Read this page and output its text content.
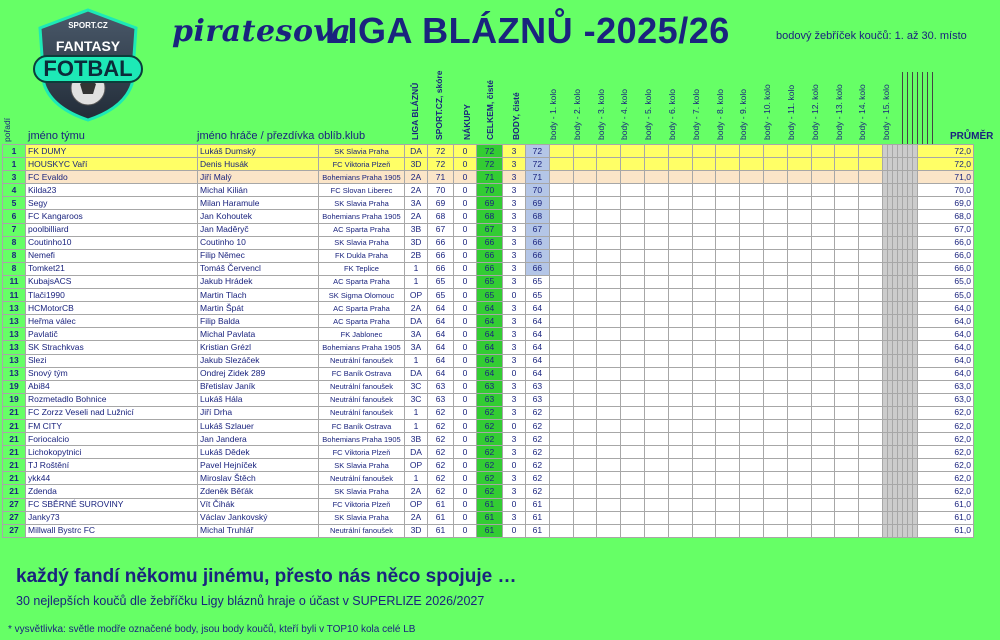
FOTBAL
FANTASY
SPORT.CZ piratesova
LIGA BLÁZNŮ -2025/26	bodový žebříček koučů: 1. až 30. místo
pořadí jméno týmu	jméno hráče / přezdívka oblíb.klub	LIGA BLÁZNŮ SPORT.CZ, skóre NÁKUPY CELKEM, čisté BODY, čisté	body - 1. kolo body - 2. kolo body - 3. kolo body - 4. kolo body - 5. kolo body - 6. kolo body - 7. kolo body - 8. kolo body - 9. kolo body - 10. kolo body - 11. kolo body - 12. kolo body - 13. kolo body - 14. kolo body - 15. kolo	PRŮMĚR
1	FK DUMY	Lukáš Dumský	SK Slavia Praha	DA	72	0	72	3	72																						72,0
1	HOUSKYC Vaří	Denis Husák	FC Viktoria Plzeň	3D	72	0	72	3	72																						72,0
3	FC Evaldo	Jiří Malý	Bohemians Praha 1905	2A	71	0	71	3	71																						71,0
4	Kilda23	Michal Kilián	FC Slovan Liberec	2A	70	0	70	3	70																						70,0
5	Segy	Milan Haramule	SK Slavia Praha	3A	69	0	69	3	69																						69,0
6	FC Kangaroos	Jan Kohoutek	Bohemians Praha 1905	2A	68	0	68	3	68																						68,0
7	poolbilliard	Jan Maděryč	AC Sparta Praha	3B	67	0	67	3	67																						67,0
8	Coutinho10	Coutinho 10	SK Slavia Praha	3D	66	0	66	3	66																						66,0
8	Nemefi	Filip Němec	FK Dukla Praha	2B	66	0	66	3	66																						66,0
8	Tomket21	Tomáš Červencl	FK Teplice	1	66	0	66	3	66																						66,0
11	KubajsACS	Jakub Hrádek	AC Sparta Praha	1	65	0	65	3	65																						65,0
11	Tlači1990	Martin Tlach	SK Sigma Olomouc	OP	65	0	65	0	65																						65,0
13	HCMotorCB	Martin Špát	AC Sparta Praha	2A	64	0	64	3	64																						64,0
13	Heřma válec	Filip Balda	AC Sparta Praha	DA	64	0	64	3	64																						64,0
13	Pavlatič	Michal Pavlata	FK Jablonec	3A	64	0	64	3	64																						64,0
13	SK Strachkvas	Kristian Grézl	Bohemians Praha 1905	3A	64	0	64	3	64																						64,0
13	Slezi	Jakub Slezáček	Neutrální fanoušek	1	64	0	64	3	64																						64,0
13	Snový tým	Ondrej Zidek 289	FC Baník Ostrava	DA	64	0	64	0	64																						64,0
19	Abi84	Břetislav Janík	Neutrální fanoušek	3C	63	0	63	3	63																						63,0
19	Rozmetadlo Bohnice	Lukáš Hála	Neutrální fanoušek	3C	63	0	63	3	63																						63,0
21	FC Zorzz Veseli nad Lužnicí	Jiří Drha	Neutrální fanoušek	1	62	0	62	3	62																						62,0
21	FM CITY	Lukáš Szlauer	FC Baník Ostrava	1	62	0	62	0	62																						62,0
21	Foriocalcio	Jan Jandera	Bohemians Praha 1905	3B	62	0	62	3	62																						62,0
21	Lichokopytnici	Lukáš Dědek	FC Viktoria Plzeň	DA	62	0	62	3	62																						62,0
21	TJ Roštění	Pavel Hejníček	SK Slavia Praha	OP	62	0	62	0	62																						62,0
21	ykk44	Miroslav Štěch	Neutrální fanoušek	1	62	0	62	3	62																						62,0
21	Zdenda	Zdeněk Běťák	SK Slavia Praha	2A	62	0	62	3	62																						62,0
27	FC SBĚRNÉ SUROVINY	Vít Čihák	FC Viktoria Plzeň	OP	61	0	61	0	61																						61,0
27	Janky73	Václav Jankovský	SK Slavia Praha	2A	61	0	61	3	61																						61,0
27	Millwall Bystrc FC	Michal Truhlář	Neutrální fanoušek	3D	61	0	61	0	61																						61,0
každý fandí někomu jinému, přesto nás něco spojuje …
30 nejlepších koučů dle žebříčku Ligy bláznů hraje o účast v SUPERLIZE 2026/2027
* vysvětlivka: světle modře označené body, jsou body koučů, kteří byli v TOP10 kola celé LB
